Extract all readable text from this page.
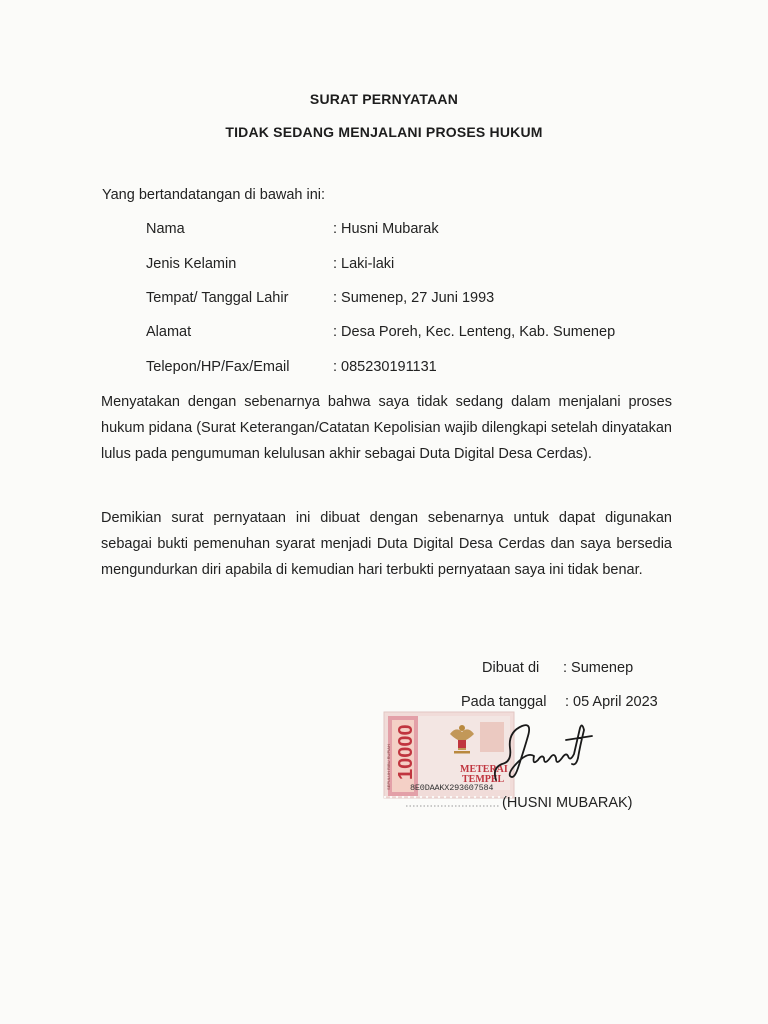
SURAT PERNYATAAN
TIDAK SEDANG MENJALANI PROSES HUKUM
Yang bertandatangan di bawah ini:
Nama	: Husni Mubarak
Jenis Kelamin	: Laki-laki
Tempat/ Tanggal Lahir	: Sumenep, 27 Juni 1993
Alamat	: Desa Poreh, Kec. Lenteng, Kab. Sumenep
Telepon/HP/Fax/Email	: 085230191131
Menyatakan dengan sebenarnya bahwa saya tidak sedang dalam menjalani proses hukum pidana (Surat Keterangan/Catatan Kepolisian wajib dilengkapi setelah dinyatakan lulus pada pengumuman kelulusan akhir sebagai Duta Digital Desa Cerdas).
Demikian surat pernyataan ini dibuat dengan sebenarnya untuk dapat digunakan sebagai bukti pemenuhan syarat menjadi Duta Digital Desa Cerdas dan saya bersedia mengundurkan diri apabila di kemudian hari terbukti pernyataan saya ini tidak benar.
Dibuat di : Sumenep
Pada tanggal : 05 April 2023
10000
SEPULUH RIBU RUPIAH	METERAI
TEMPEL
8E0DAAKX293607584
(HUSNI MUBARAK)
